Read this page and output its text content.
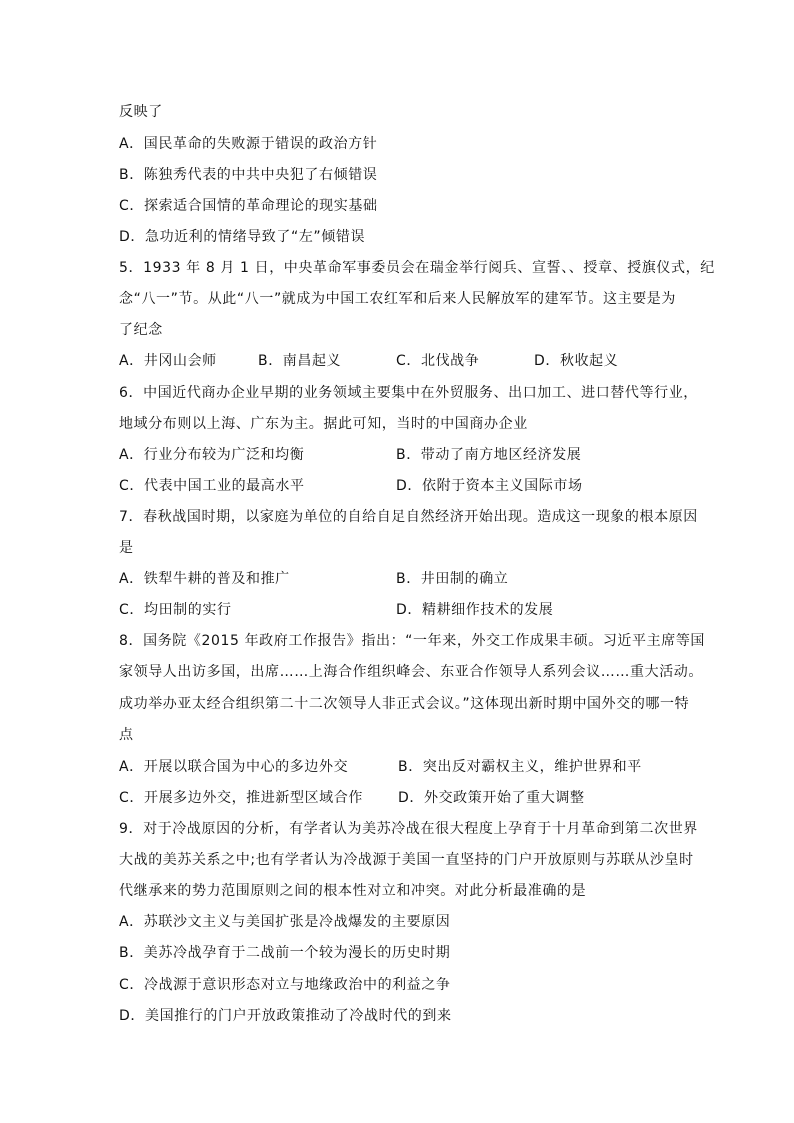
反映了
A．国民革命的失败源于错误的政治方针
B．陈独秀代表的中共中央犯了右倾错误
C．探索适合国情的革命理论的现实基础
D．急功近利的情绪导致了“左”倾错误
5．1933 年 8 月 1 日，中央革命军事委员会在瑞金举行阅兵、宣誓、、授章、授旗仪式，纪
念“八一”节。从此“八一”就成为中国工农红军和后来人民解放军的建军节。这主要是为
了纪念
A．井冈山会师	B．南昌起义	C．北伐战争	D．秋收起义
6．中国近代商办企业早期的业务领域主要集中在外贸服务、出口加工、进口替代等行业，
地域分布则以上海、广东为主。据此可知，当时的中国商办企业
A．行业分布较为广泛和均衡	B．带动了南方地区经济发展
C．代表中国工业的最高水平	D．依附于资本主义国际市场
7．春秋战国时期，以家庭为单位的自给自足自然经济开始出现。造成这一现象的根本原因
是
A．铁犁牛耕的普及和推广	B．井田制的确立
C．均田制的实行	D．精耕细作技术的发展
8．国务院《2015 年政府工作报告》指出：“一年来，外交工作成果丰硕。习近平主席等国
家领导人出访多国，出席……上海合作组织峰会、东亚合作领导人系列会议……重大活动。
成功举办亚太经合组织第二十二次领导人非正式会议。”这体现出新时期中国外交的哪一特
点
A．开展以联合国为中心的多边外交	B．突出反对霸权主义，维护世界和平
C．开展多边外交，推进新型区域合作	D．外交政策开始了重大调整
9．对于冷战原因的分析，有学者认为美苏冷战在很大程度上孕育于十月革命到第二次世界
大战的美苏关系之中;也有学者认为冷战源于美国一直坚持的门户开放原则与苏联从沙皇时
代继承来的势力范围原则之间的根本性对立和冲突。对此分析最准确的是
A．苏联沙文主义与美国扩张是冷战爆发的主要原因
B．美苏冷战孕育于二战前一个较为漫长的历史时期
C．冷战源于意识形态对立与地缘政治中的利益之争
D．美国推行的门户开放政策推动了冷战时代的到来
